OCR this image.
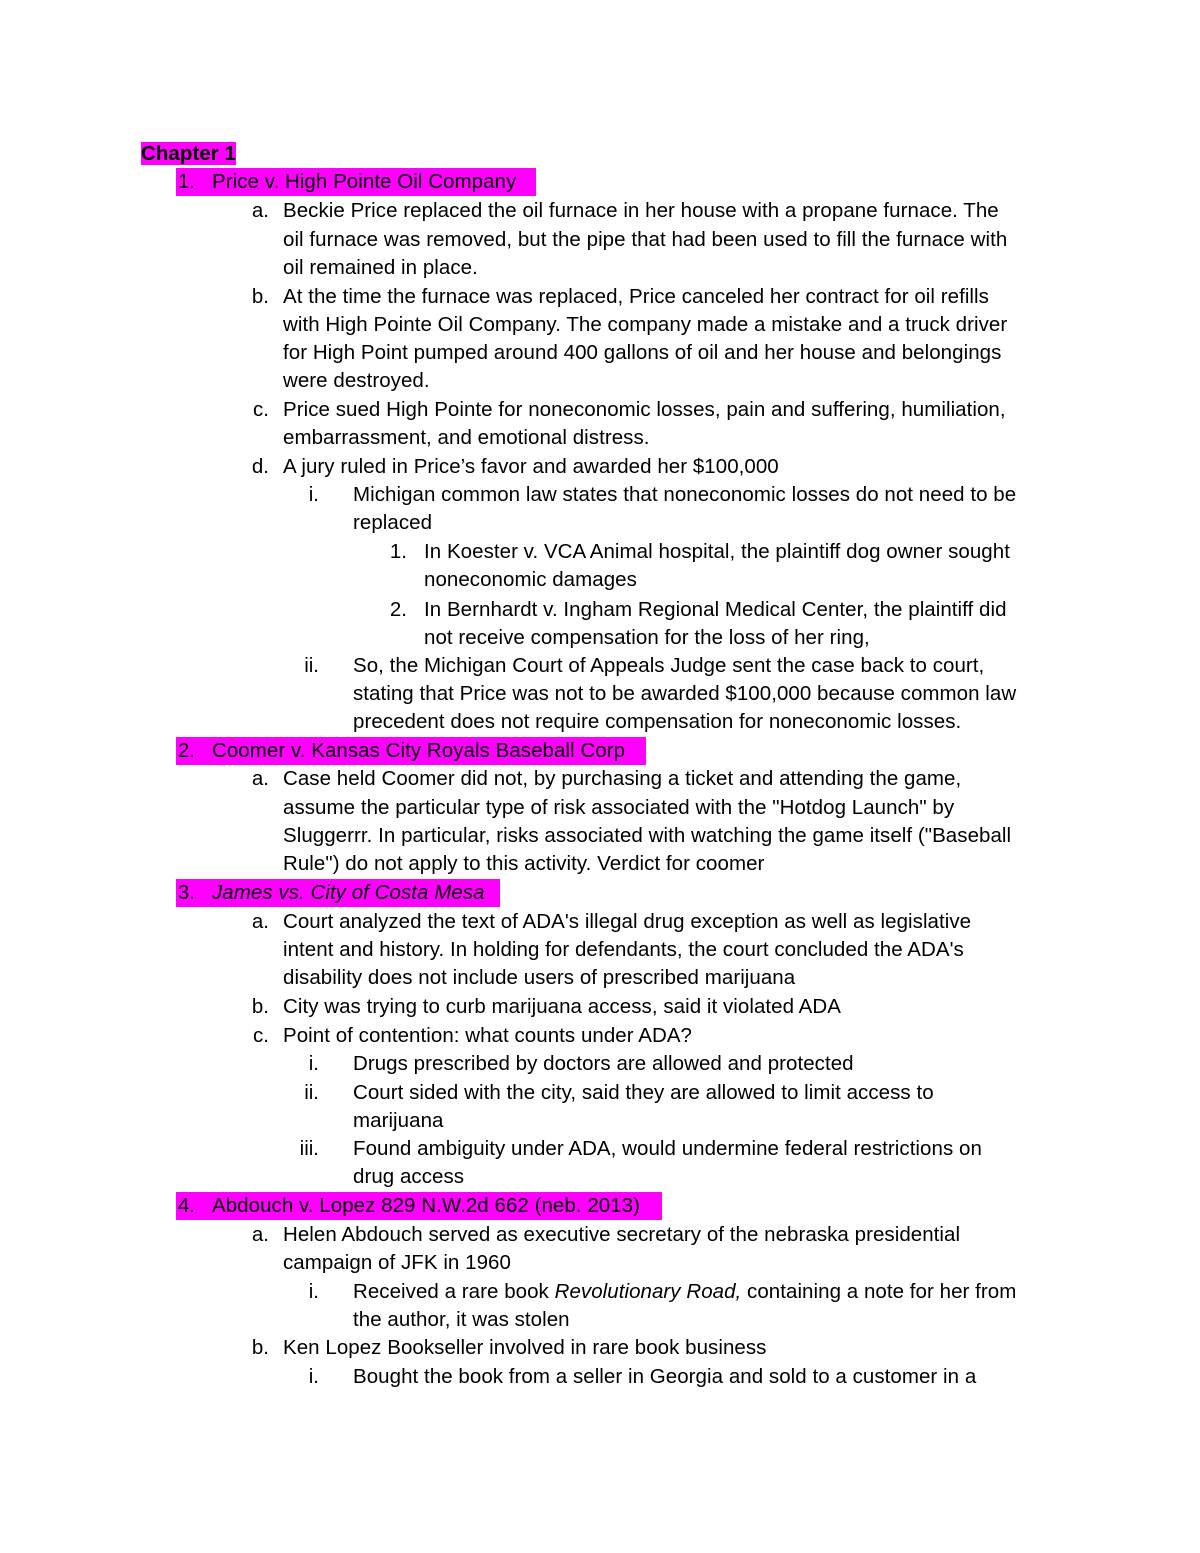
Chapter 1
1. Price v. High Pointe Oil Company
a. Beckie Price replaced the oil furnace in her house with a propane furnace. The
oil furnace was removed, but the pipe that had been used to fill the furnace with
oil remained in place.
b. At the time the furnace was replaced, Price canceled her contract for oil refills
with High Pointe Oil Company. The company made a mistake and a truck driver
for High Point pumped around 400 gallons of oil and her house and belongings
were destroyed.
c. Price sued High Pointe for noneconomic losses, pain and suffering, humiliation,
embarrassment, and emotional distress.
d. A jury ruled in Price’s favor and awarded her $100,000
i. Michigan common law states that noneconomic losses do not need to be
replaced
1. In Koester v. VCA Animal hospital, the plaintiff dog owner sought
noneconomic damages
2. In Bernhardt v. Ingham Regional Medical Center, the plaintiff did
not receive compensation for the loss of her ring,
ii. So, the Michigan Court of Appeals Judge sent the case back to court,
stating that Price was not to be awarded $100,000 because common law
precedent does not require compensation for noneconomic losses.
2. Coomer v. Kansas City Royals Baseball Corp
a. Case held Coomer did not, by purchasing a ticket and attending the game,
assume the particular type of risk associated with the "Hotdog Launch" by
Sluggerrr. In particular, risks associated with watching the game itself ("Baseball
Rule") do not apply to this activity. Verdict for coomer
3. James vs. City of Costa Mesa
a. Court analyzed the text of ADA's illegal drug exception as well as legislative
intent and history. In holding for defendants, the court concluded the ADA's
disability does not include users of prescribed marijuana
b. City was trying to curb marijuana access, said it violated ADA
c. Point of contention: what counts under ADA?
i. Drugs prescribed by doctors are allowed and protected
ii. Court sided with the city, said they are allowed to limit access to
marijuana
iii. Found ambiguity under ADA, would undermine federal restrictions on
drug access
4. Abdouch v. Lopez 829 N.W.2d 662 (neb. 2013)
a. Helen Abdouch served as executive secretary of the nebraska presidential
campaign of JFK in 1960
i. Received a rare book Revolutionary Road, containing a note for her from
the author, it was stolen
b. Ken Lopez Bookseller involved in rare book business
i. Bought the book from a seller in Georgia and sold to a customer in a
